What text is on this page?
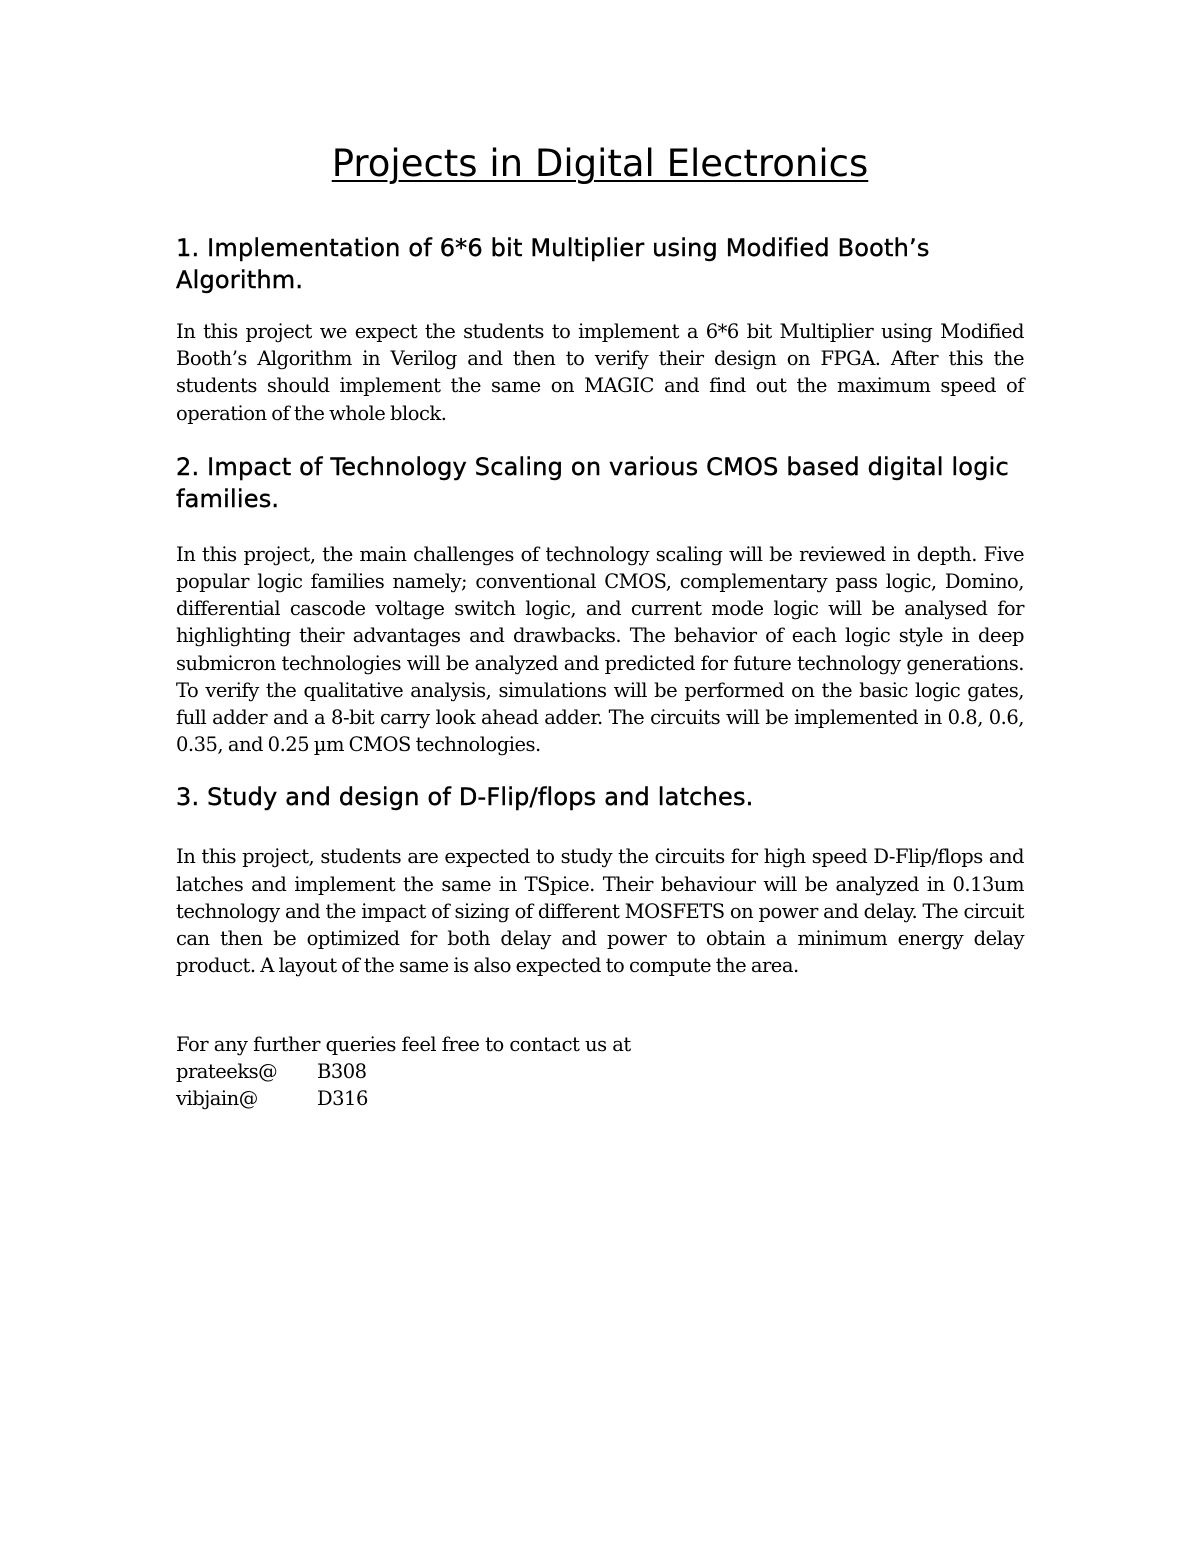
Projects in Digital Electronics
1. Implementation of 6*6 bit Multiplier using Modified Booth’s Algorithm.

In this project we expect the students to implement a 6*6 bit Multiplier using Modified Booth’s Algorithm in Verilog and then to verify their design on FPGA. After this the students should implement the same on MAGIC and find out the maximum speed of operation of the whole block.

2. Impact of Technology Scaling on various CMOS based digital logic families.

In this project, the main challenges of technology scaling will be reviewed in depth. Five popular logic families namely; conventional CMOS, complementary pass logic, Domino, differential cascode voltage switch logic, and current mode logic will be analysed for highlighting their advantages and drawbacks. The behavior of each logic style in deep submicron technologies will be analyzed and predicted for future technology generations. To verify the qualitative analysis, simulations will be performed on the basic logic gates, full adder and a 8-bit carry look ahead adder. The circuits will be implemented in 0.8, 0.6, 0.35, and 0.25 µm CMOS technologies.

3. Study and design of D-Flip/flops and latches.

In this project, students are expected to study the circuits for high speed D-Flip/flops and latches and implement the same in TSpice. Their behaviour will be analyzed in 0.13um technology and the impact of sizing of different MOSFETS on power and delay. The circuit can then be optimized for both delay and power to obtain a minimum energy delay product. A layout of the same is also expected to compute the area.

For any further queries feel free to contact us at
prateeks@	B308
vibjain@	D316
